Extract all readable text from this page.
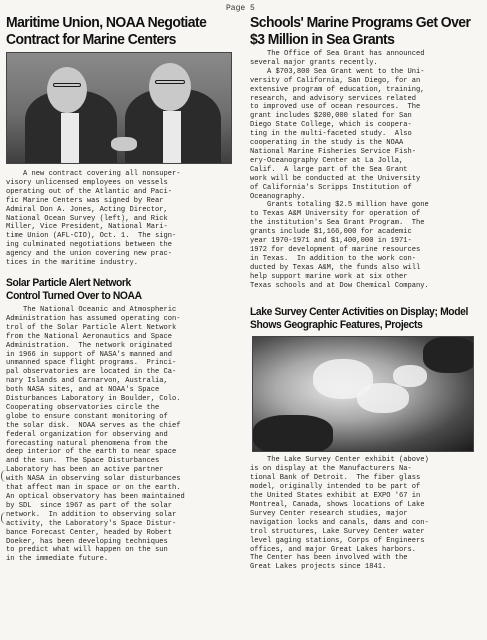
Page 5
Maritime Union, NOAA Negotiate Contract for Marine Centers

A new contract covering all nonsuper-
visory unlicensed employees on vessels
operating out of the Atlantic and Paci-
fic Marine Centers was signed by Rear
Admiral Don A. Jones, Acting Director,
National Ocean Survey (left), and Rick
Miller, Vice President, National Mari-
time Union (AFL-CIO), Oct. 1.  The sign-
ing culminated negotiations between the
agency and the union covering new prac-
tices in the maritime industry.

Solar Particle Alert Network Control Turned Over to NOAA

The National Oceanic and Atmospheric
Administration has assumed operating con-
trol of the Solar Particle Alert Network
from the National Aeronautics and Space
Administration.  The network originated
in 1966 in support of NASA's manned and
unmanned space flight programs.  Princi-
pal observatories are located in the Ca-
nary Islands and Carnarvon, Australia,
both NASA sites, and at NOAA's Space
Disturbances Laboratory in Boulder, Colo.
Cooperating observatories circle the
globe to ensure constant monitoring of
the solar disk.  NOAA serves as the chief
federal organization for observing and
forecasting natural phenomena from the
deep interior of the earth to near space
and the sun.  The Space Disturbances
Laboratory has been an active partner
with NASA in observing solar disturbances
that affect man in space or on the earth.
An optical observatory has been maintained
by SDL  since 1967 as part of the solar
network.  In addition to observing solar
activity, the Laboratory's Space Distur-
bance Forecast Center, headed by Robert
Doeker, has been developing techniques
to predict what will happen on the sun
in the immediate future.

Schools' Marine Programs Get Over $3 Million in Sea Grants

The Office of Sea Grant has announced
several major grants recently.
A $703,800 Sea Grant went to the Uni-
versity of California, San Diego, for an
extensive program of education, training,
research, and advisory services related
to improved use of ocean resources.  The
grant includes $200,000 slated for San
Diego State College, which is coopera-
ting in the multi-faceted study.  Also
cooperating in the study is the NOAA
National Marine Fisheries Service Fish-
ery-Oceanography Center at La Jolla,
Calif.  A large part of the Sea Grant
work will be conducted at the University
of California's Scripps Institution of
Oceanography.
Grants totaling $2.5 million have gone
to Texas A&M University for operation of
the institution's Sea Grant Program.  The
grants include $1,166,000 for academic
year 1970-1971 and $1,400,000 in 1971-
1972 for development of marine resources
in Texas.  In addition to the work con-
ducted by Texas A&M, the funds also will
help support marine work at six other
Texas schools and at Dow Chemical Company.

Lake Survey Center Activities on Display; Model Shows Geographic Features, Projects

The Lake Survey Center exhibit (above)
is on display at the Manufacturers Na-
tional Bank of Detroit.  The fiber glass
model, originally intended to be part of
the United States exhibit at EXPO '67 in
Montreal, Canada, shows locations of Lake
Survey Center research studies, major
navigation locks and canals, dams and con-
trol structures, Lake Survey Center water
level gaging stations, Corps of Engineers
offices, and major Great Lakes harbors.
The Center has been involved with the
Great Lakes projects since 1841.
